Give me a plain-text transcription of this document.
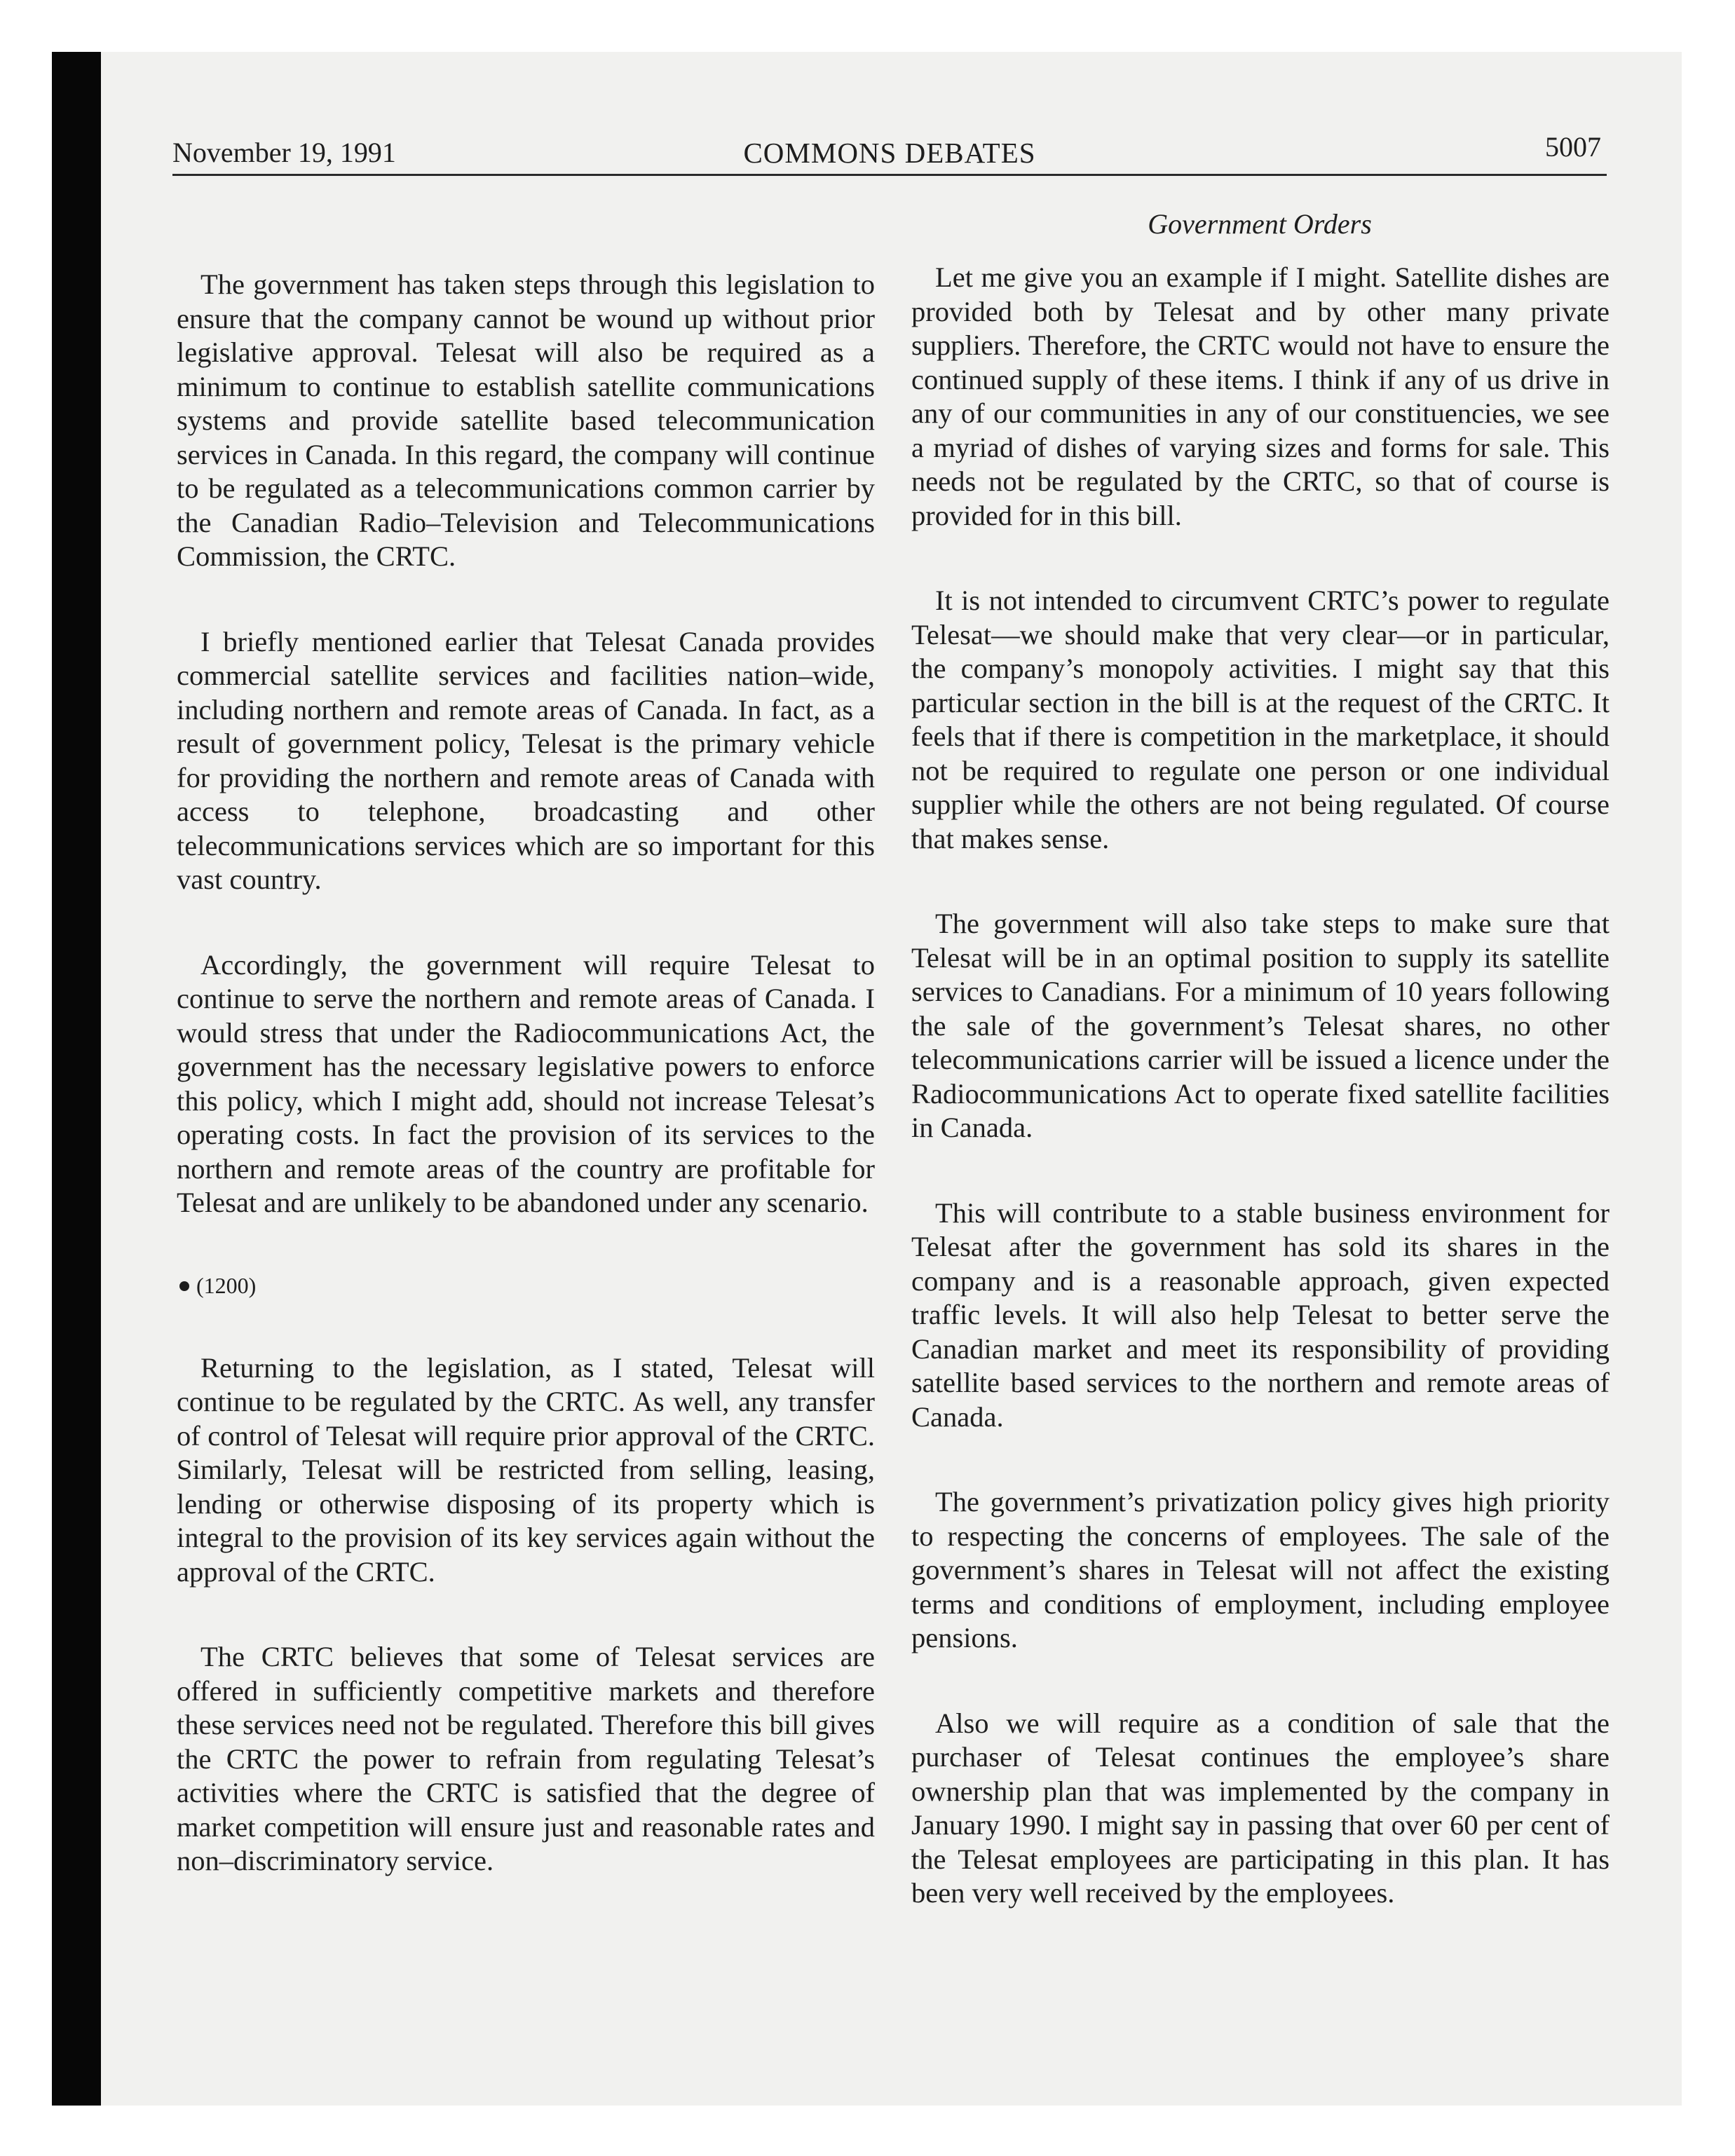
November 19, 1991	COMMONS DEBATES	5007
Government Orders

The government has taken steps through this legislation to ensure that the company cannot be wound up without prior legislative approval. Telesat will also be required as a minimum to continue to establish satellite communications systems and provide satellite based telecommunication services in Canada. In this regard, the company will continue to be regulated as a telecommunications common carrier by the Canadian Radio–Television and Telecommunications Commission, the CRTC.

I briefly mentioned earlier that Telesat Canada provides commercial satellite services and facilities nation–wide, including northern and remote areas of Canada. In fact, as a result of government policy, Telesat is the primary vehicle for providing the northern and remote areas of Canada with access to telephone, broadcasting and other telecommunications services which are so important for this vast country.

Accordingly, the government will require Telesat to continue to serve the northern and remote areas of Canada. I would stress that under the Radiocommunications Act, the government has the necessary legislative powers to enforce this policy, which I might add, should not increase Telesat’s operating costs. In fact the provision of its services to the northern and remote areas of the country are profitable for Telesat and are unlikely to be abandoned under any scenario.

(1200)

Returning to the legislation, as I stated, Telesat will continue to be regulated by the CRTC. As well, any transfer of control of Telesat will require prior approval of the CRTC. Similarly, Telesat will be restricted from selling, leasing, lending or otherwise disposing of its property which is integral to the provision of its key services again without the approval of the CRTC.

The CRTC believes that some of Telesat services are offered in sufficiently competitive markets and therefore these services need not be regulated. Therefore this bill gives the CRTC the power to refrain from regulating Telesat’s activities where the CRTC is satisfied that the degree of market competition will ensure just and reasonable rates and non–discriminatory service.

Let me give you an example if I might. Satellite dishes are provided both by Telesat and by other many private suppliers. Therefore, the CRTC would not have to ensure the continued supply of these items. I think if any of us drive in any of our communities in any of our constituencies, we see a myriad of dishes of varying sizes and forms for sale. This needs not be regulated by the CRTC, so that of course is provided for in this bill.

It is not intended to circumvent CRTC’s power to regulate Telesat—we should make that very clear—or in particular, the company’s monopoly activities. I might say that this particular section in the bill is at the request of the CRTC. It feels that if there is competition in the marketplace, it should not be required to regulate one person or one individual supplier while the others are not being regulated. Of course that makes sense.

The government will also take steps to make sure that Telesat will be in an optimal position to supply its satellite services to Canadians. For a minimum of 10 years following the sale of the government’s Telesat shares, no other telecommunications carrier will be issued a licence under the Radiocommunications Act to operate fixed satellite facilities in Canada.

This will contribute to a stable business environment for Telesat after the government has sold its shares in the company and is a reasonable approach, given expected traffic levels. It will also help Telesat to better serve the Canadian market and meet its responsibility of providing satellite based services to the northern and remote areas of Canada.

The government’s privatization policy gives high priority to respecting the concerns of employees. The sale of the government’s shares in Telesat will not affect the existing terms and conditions of employment, including employee pensions.

Also we will require as a condition of sale that the purchaser of Telesat continues the employee’s share ownership plan that was implemented by the company in January 1990. I might say in passing that over 60 per cent of the Telesat employees are participating in this plan. It has been very well received by the employees.
